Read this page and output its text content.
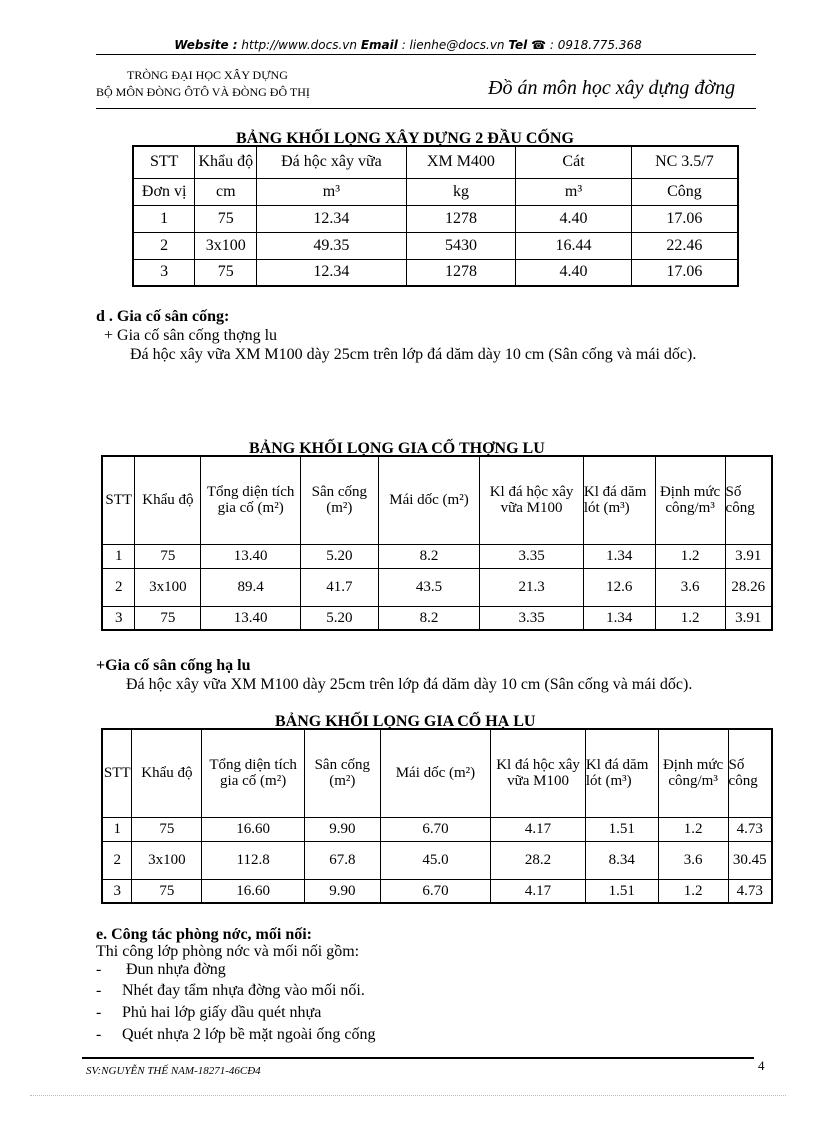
Website : http://www.docs.vn Email : lienhe@docs.vn Tel ☎ : 0918.775.368
TRÒNG ĐẠI HỌC XÂY DỰNG
BỘ MÔN ĐÒNG ÔTÔ VÀ ĐÒNG ĐÔ THỊ	Đồ án môn học xây dựng đờng
BẢNG KHỐI LỌNG XÂY DỰNG 2 ĐẦU CỐNG
STT	Khẩu độ	Đá hộc xây vữa	XM M400	Cát	NC 3.5/7
Đơn vị	cm	m³	kg	m³	Công
1	75	12.34	1278	4.40	17.06
2	3x100	49.35	5430	16.44	22.46
3	75	12.34	1278	4.40	17.06
d . Gia cố sân cống:
+ Gia cố sân cống thợng lu
Đá hộc xây vữa XM M100 dày 25cm trên lớp đá dăm dày 10 cm (Sân cống và mái dốc).
BẢNG KHỐI LỌNG GIA CỐ THỢNG LU
STT	Khẩu độ	Tổng diện tích gia cố (m²)	Sân cống (m²)	Mái dốc (m²)	Kl đá hộc xây vữa M100	Kl đá dăm lót (m³)	Định mức công/m³	Số công
1	75	13.40	5.20	8.2	3.35	1.34	1.2	3.91
2	3x100	89.4	41.7	43.5	21.3	12.6	3.6	28.26
3	75	13.40	5.20	8.2	3.35	1.34	1.2	3.91
+Gia cố sân cống hạ lu
Đá hộc xây vữa XM M100 dày 25cm trên lớp đá dăm dày 10 cm (Sân cống và mái dốc).
BẢNG KHỐI LỌNG GIA CỐ HẠ LU
STT	Khẩu độ	Tổng diện tích gia cố (m²)	Sân cống (m²)	Mái dốc (m²)	Kl đá hộc xây vữa M100	Kl đá dăm lót (m³)	Định mức công/m³	Số công
1	75	16.60	9.90	6.70	4.17	1.51	1.2	4.73
2	3x100	112.8	67.8	45.0	28.2	8.34	3.6	30.45
3	75	16.60	9.90	6.70	4.17	1.51	1.2	4.73
e. Công tác phòng nớc, mối nối:
Thi công lớp phòng nớc và mối nối gồm:
- Đun nhựa đờng
- Nhét đay tẩm nhựa đờng vào mối nối.
- Phủ hai lớp giấy dầu quét nhựa
- Quét nhựa 2 lớp bề mặt ngoài ống cống
SV:NGUYỄN THẾ NAM-18271-46CĐ4	4
